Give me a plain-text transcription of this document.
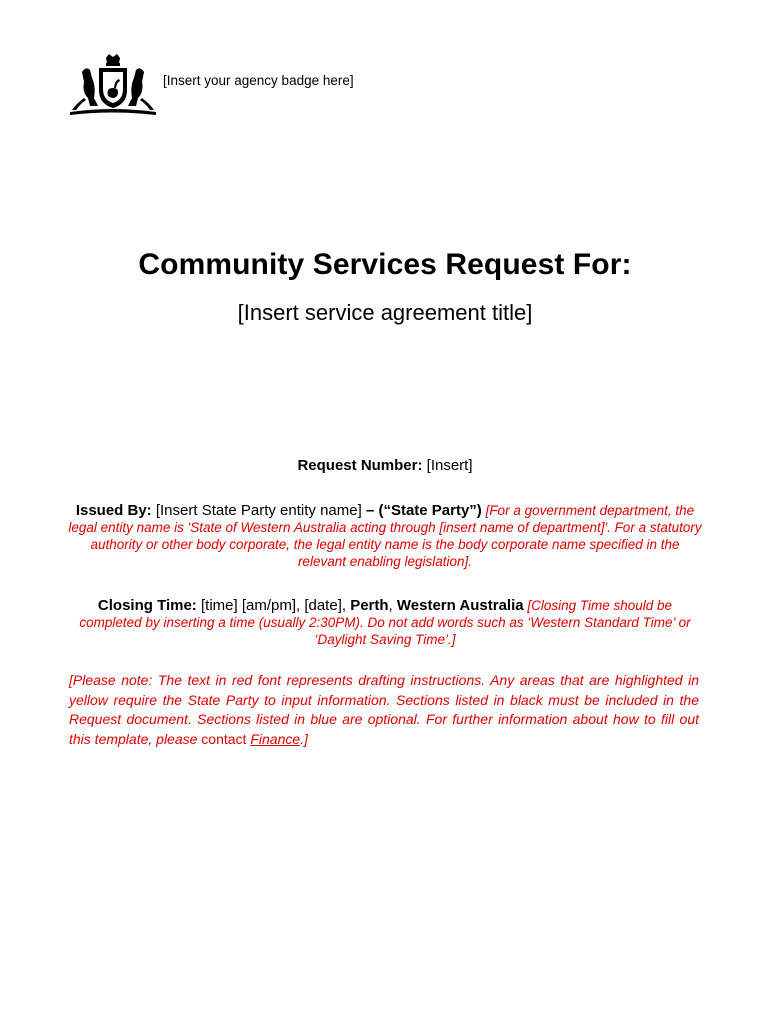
[Insert your agency badge here]
Community Services Request For:
[Insert service agreement title]
Request Number: [Insert]
Issued By: [Insert State Party entity name] – (“State Party”) [For a government department, the legal entity name is 'State of Western Australia acting through [insert name of department]'. For a statutory authority or other body corporate, the legal entity name is the body corporate name specified in the relevant enabling legislation].
Closing Time: [time] [am/pm], [date], Perth, Western Australia [Closing Time should be completed by inserting a time (usually 2:30PM). Do not add words such as ‘Western Standard Time’ or ‘Daylight Saving Time’.]
[Please note: The text in red font represents drafting instructions. Any areas that are highlighted in yellow require the State Party to input information. Sections listed in black must be included in the Request document. Sections listed in blue are optional. For further information about how to fill out this template, please contact Finance.]
